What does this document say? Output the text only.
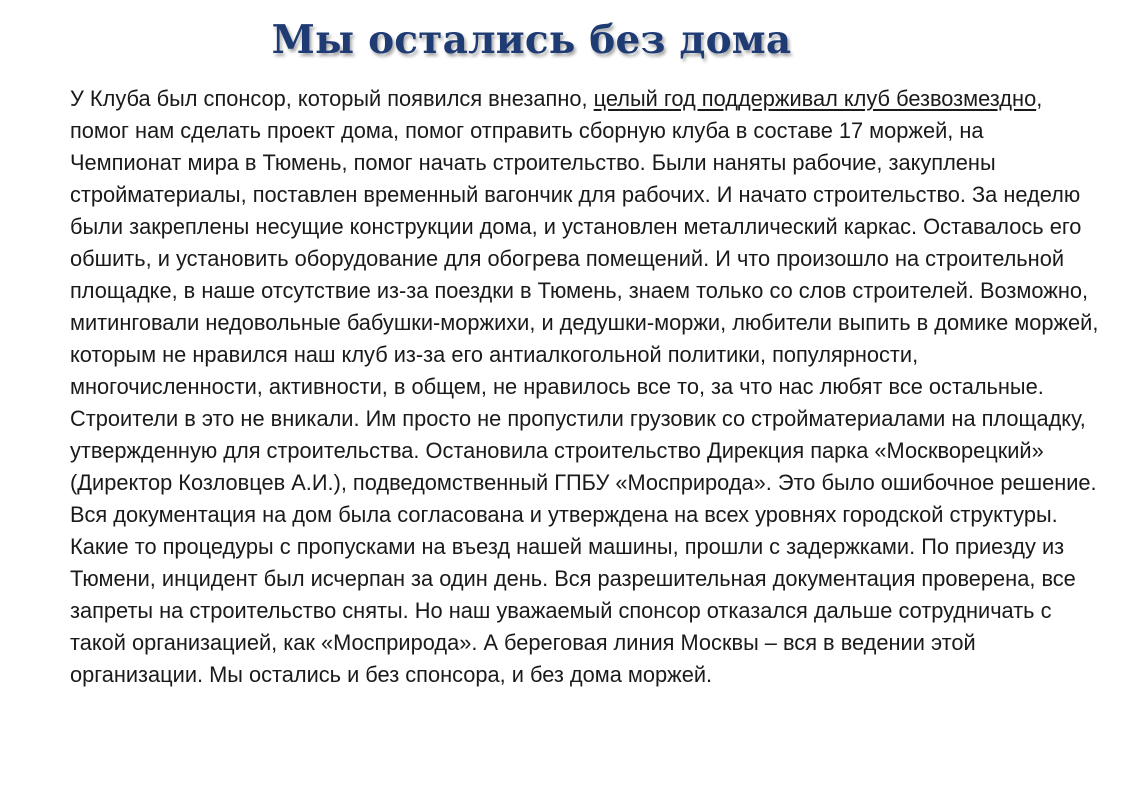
Мы остались без дома

У Клуба был спонсор, который появился внезапно, целый год поддерживал клуб безвозмездно, помог нам сделать проект дома, помог отправить сборную клуба в составе 17 моржей, на Чемпионат мира в Тюмень, помог начать строительство. Были наняты рабочие, закуплены стройматериалы, поставлен временный вагончик для рабочих. И начато строительство. За неделю были закреплены несущие конструкции дома, и установлен металлический каркас. Оставалось его обшить, и установить оборудование для обогрева помещений. И что произошло на строительной площадке, в наше отсутствие из-за поездки в Тюмень, знаем только со слов строителей. Возможно, митинговали недовольные бабушки-моржихи, и дедушки-моржи, любители выпить в домике моржей, которым не нравился наш клуб из-за его антиалкогольной политики, популярности, многочисленности, активности, в общем, не нравилось все то, за что нас любят все остальные. Строители в это не вникали. Им просто не пропустили грузовик со стройматериалами на площадку, утвержденную для строительства. Остановила строительство Дирекция парка «Москворецкий» (Директор Козловцев А.И.), подведомственный ГПБУ «Мосприрода». Это было ошибочное решение. Вся документация на дом была согласована и утверждена на всех уровнях городской структуры. Какие то процедуры с пропусками на въезд нашей машины, прошли с задержками. По приезду из Тюмени, инцидент был исчерпан за один день. Вся разрешительная документация проверена, все запреты на строительство сняты. Но наш уважаемый спонсор отказался дальше сотрудничать с такой организацией, как «Мосприрода». А береговая линия Москвы – вся в ведении этой организации. Мы остались и без спонсора, и без дома моржей.
